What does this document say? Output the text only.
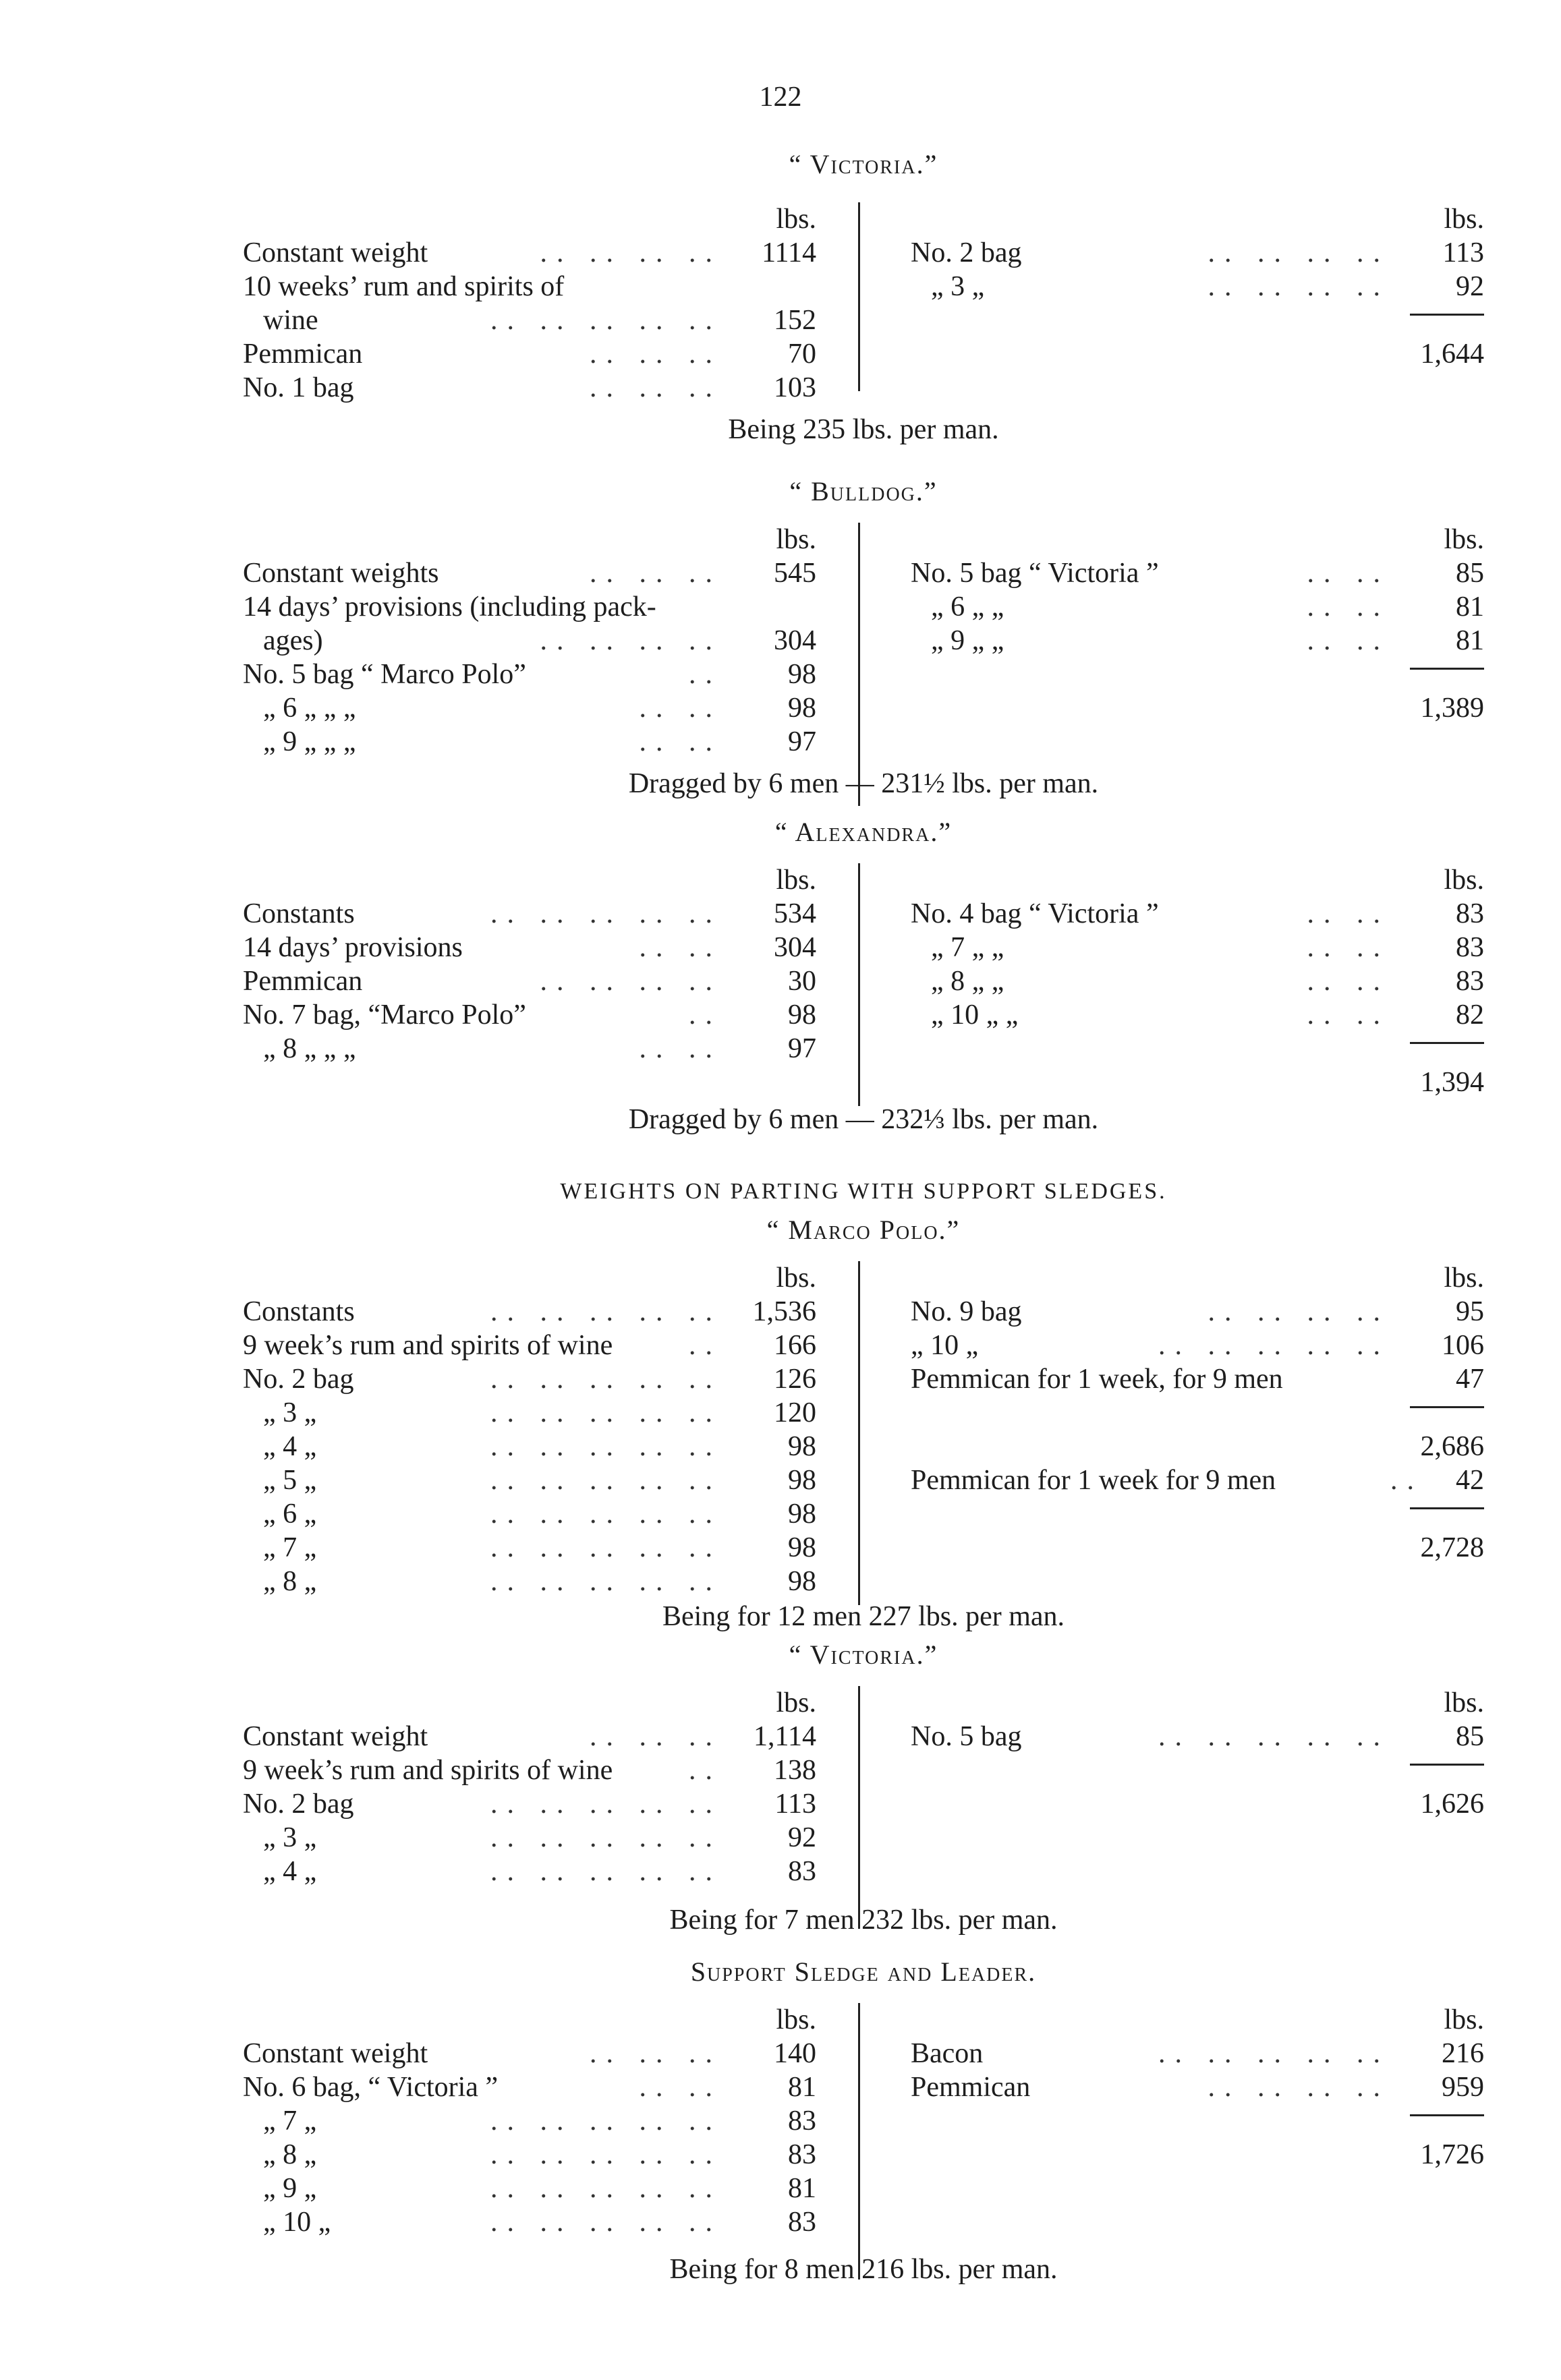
122
“ Victoria.”
lbs.
Constant weight	.. .. .. .. 1114
10 weeks’ rum and spirits of
wine	.. .. .. .. .. 152
Pemmican	.. .. .. 70
No. 1 bag	.. .. .. 103
lbs.
No. 2 bag	.. .. .. .. 113
„ 3 „	.. .. .. .. 92
1,644
Being 235 lbs. per man.
“ Bulldog.”
lbs.
Constant weights	.. .. .. 545
14 days’ provisions (including pack-
ages)	.. .. .. .. 304
No. 5 bag “ Marco Polo”	.. 98
„ 6 „ „ „	.. .. 98
„ 9 „ „ „	.. .. 97
lbs.
No. 5 bag “ Victoria ”	.. .. 85
„ 6 „ „	.. .. 81
„ 9 „ „	.. .. 81
1,389
Dragged by 6 men — 231½ lbs. per man.
“ Alexandra.”
lbs.
Constants	.. .. .. .. .. 534
14 days’ provisions	.. .. 304
Pemmican	.. .. .. .. 30
No. 7 bag, “Marco Polo”	.. 98
„ 8 „ „ „	.. .. 97
lbs.
No. 4 bag “ Victoria ”	.. .. 83
„ 7 „ „	.. .. 83
„ 8 „ „	.. .. 83
„ 10 „ „	.. .. 82
1,394
Dragged by 6 men — 232⅓ lbs. per man.
WEIGHTS ON PARTING WITH SUPPORT SLEDGES.
“ Marco Polo.”
lbs.
Constants	.. .. .. .. .. 1,536
9 week’s rum and spirits of wine	.. 166
No. 2 bag	.. .. .. .. .. 126
„ 3 „	.. .. .. .. .. 120
„ 4 „	.. .. .. .. .. 98
„ 5 „	.. .. .. .. .. 98
„ 6 „	.. .. .. .. .. 98
„ 7 „	.. .. .. .. .. 98
„ 8 „	.. .. .. .. .. 98
lbs.
No. 9 bag	.. .. .. .. 95
„ 10 „	.. .. .. .. .. 106
Pemmican for 1 week, for 9 men	47
2,686
Pemmican for 1 week for 9 men	.. 42
2,728
Being for 12 men 227 lbs. per man.
“ Victoria.”
lbs.
Constant weight	.. .. .. 1,114
9 week’s rum and spirits of wine	.. 138
No. 2 bag	.. .. .. .. .. 113
„ 3 „	.. .. .. .. .. 92
„ 4 „	.. .. .. .. .. 83
lbs.
No. 5 bag	.. .. .. .. .. 85
1,626
Being for 7 men 232 lbs. per man.
Support Sledge and Leader.
lbs.
Constant weight	.. .. .. 140
No. 6 bag, “ Victoria ”	.. .. 81
„ 7 „	.. .. .. .. .. 83
„ 8 „	.. .. .. .. .. 83
„ 9 „	.. .. .. .. .. 81
„ 10 „	.. .. .. .. .. 83
lbs.
Bacon	.. .. .. .. .. 216
Pemmican	.. .. .. .. 959
1,726
Being for 8 men 216 lbs. per man.
